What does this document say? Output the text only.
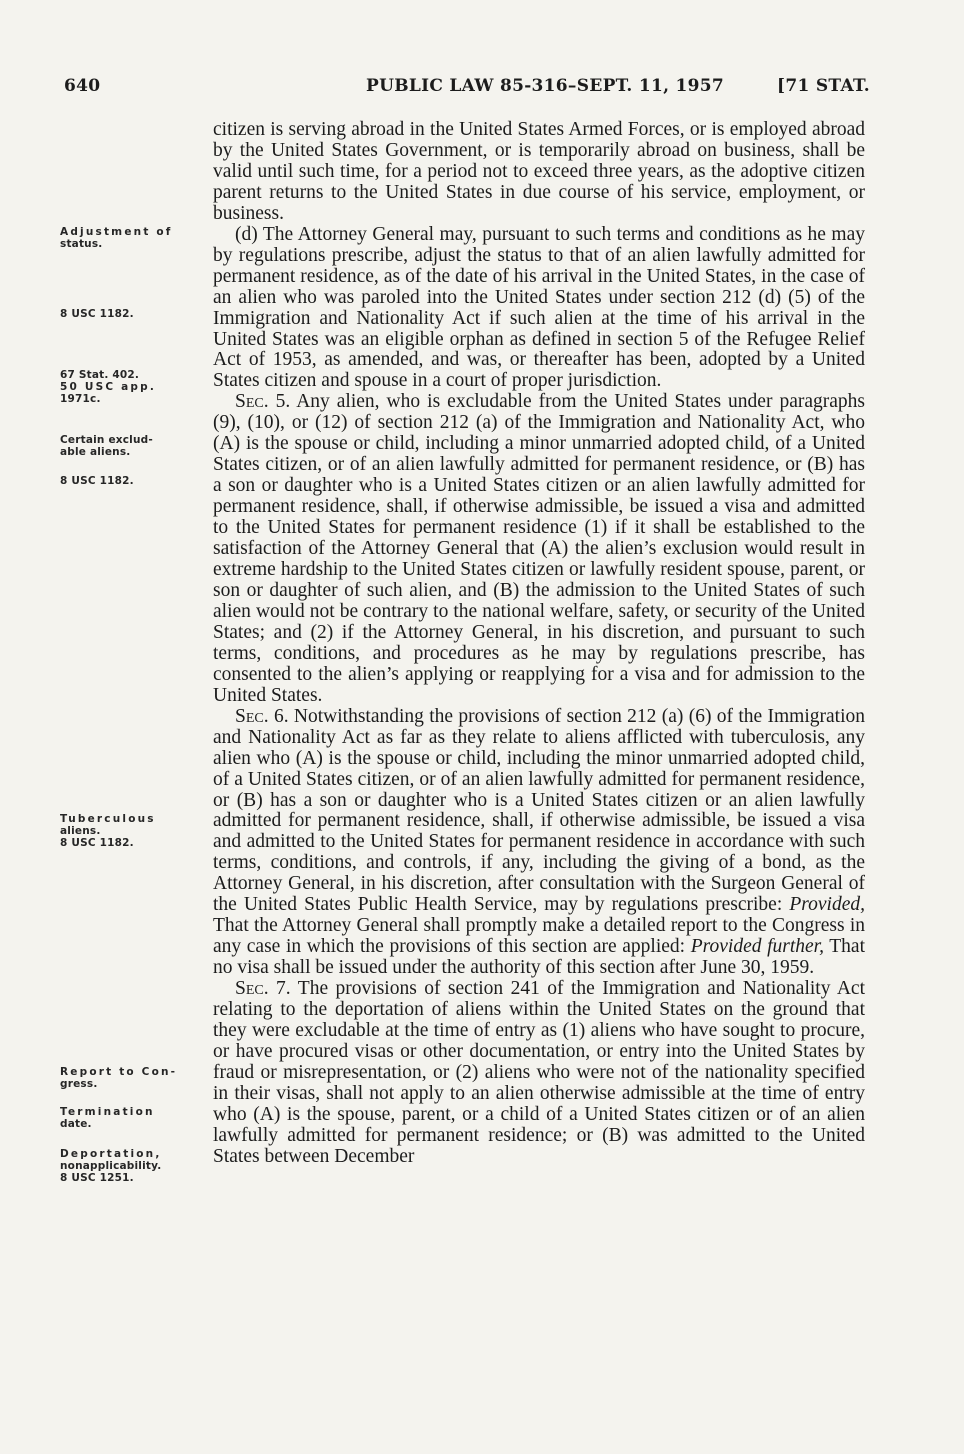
640	PUBLIC LAW 85-316–SEPT. 11, 1957	[71 STAT.
Adjustment of
status.
8 USC 1182.
67 Stat. 402.
50 USC app.
1971c.
Certain exclud-
able aliens.
8 USC 1182.
Tuberculous
aliens.
8 USC 1182.
Report to Con-
gress.
Termination
date.
Deportation,
nonapplicability.
8 USC 1251.

citizen is serving abroad in the United States Armed Forces, or is employed abroad by the United States Government, or is temporarily abroad on business, shall be valid until such time, for a period not to exceed three years, as the adoptive citizen parent returns to the United States in due course of his service, employment, or business.

(d) The Attorney General may, pursuant to such terms and conditions as he may by regulations prescribe, adjust the status to that of an alien lawfully admitted for permanent residence, as of the date of his arrival in the United States, in the case of an alien who was paroled into the United States under section 212 (d) (5) of the Immigration and Nationality Act if such alien at the time of his arrival in the United States was an eligible orphan as defined in section 5 of the Refugee Relief Act of 1953, as amended, and was, or thereafter has been, adopted by a United States citizen and spouse in a court of proper jurisdiction.

Sec. 5. Any alien, who is excludable from the United States under paragraphs (9), (10), or (12) of section 212 (a) of the Immigration and Nationality Act, who (A) is the spouse or child, including a minor unmarried adopted child, of a United States citizen, or of an alien lawfully admitted for permanent residence, or (B) has a son or daughter who is a United States citizen or an alien lawfully admitted for permanent residence, shall, if otherwise admissible, be issued a visa and admitted to the United States for permanent residence (1) if it shall be established to the satisfaction of the Attorney General that (A) the alien’s exclusion would result in extreme hardship to the United States citizen or lawfully resident spouse, parent, or son or daughter of such alien, and (B) the admission to the United States of such alien would not be contrary to the national welfare, safety, or security of the United States; and (2) if the Attorney General, in his discretion, and pursuant to such terms, conditions, and procedures as he may by regulations prescribe, has consented to the alien’s applying or reapplying for a visa and for admission to the United States.

Sec. 6. Notwithstanding the provisions of section 212 (a) (6) of the Immigration and Nationality Act as far as they relate to aliens afflicted with tuberculosis, any alien who (A) is the spouse or child, including the minor unmarried adopted child, of a United States citizen, or of an alien lawfully admitted for permanent residence, or (B) has a son or daughter who is a United States citizen or an alien lawfully admitted for permanent residence, shall, if otherwise admissible, be issued a visa and admitted to the United States for permanent residence in accordance with such terms, conditions, and controls, if any, including the giving of a bond, as the Attorney General, in his discretion, after consultation with the Surgeon General of the United States Public Health Service, may by regulations prescribe: Provided, That the Attorney General shall promptly make a detailed report to the Congress in any case in which the provisions of this section are applied: Provided further, That no visa shall be issued under the authority of this section after June 30, 1959.

Sec. 7. The provisions of section 241 of the Immigration and Nationality Act relating to the deportation of aliens within the United States on the ground that they were excludable at the time of entry as (1) aliens who have sought to procure, or have procured visas or other documentation, or entry into the United States by fraud or misrepresentation, or (2) aliens who were not of the nationality specified in their visas, shall not apply to an alien otherwise admissible at the time of entry who (A) is the spouse, parent, or a child of a United States citizen or of an alien lawfully admitted for permanent residence; or (B) was admitted to the United States between December
